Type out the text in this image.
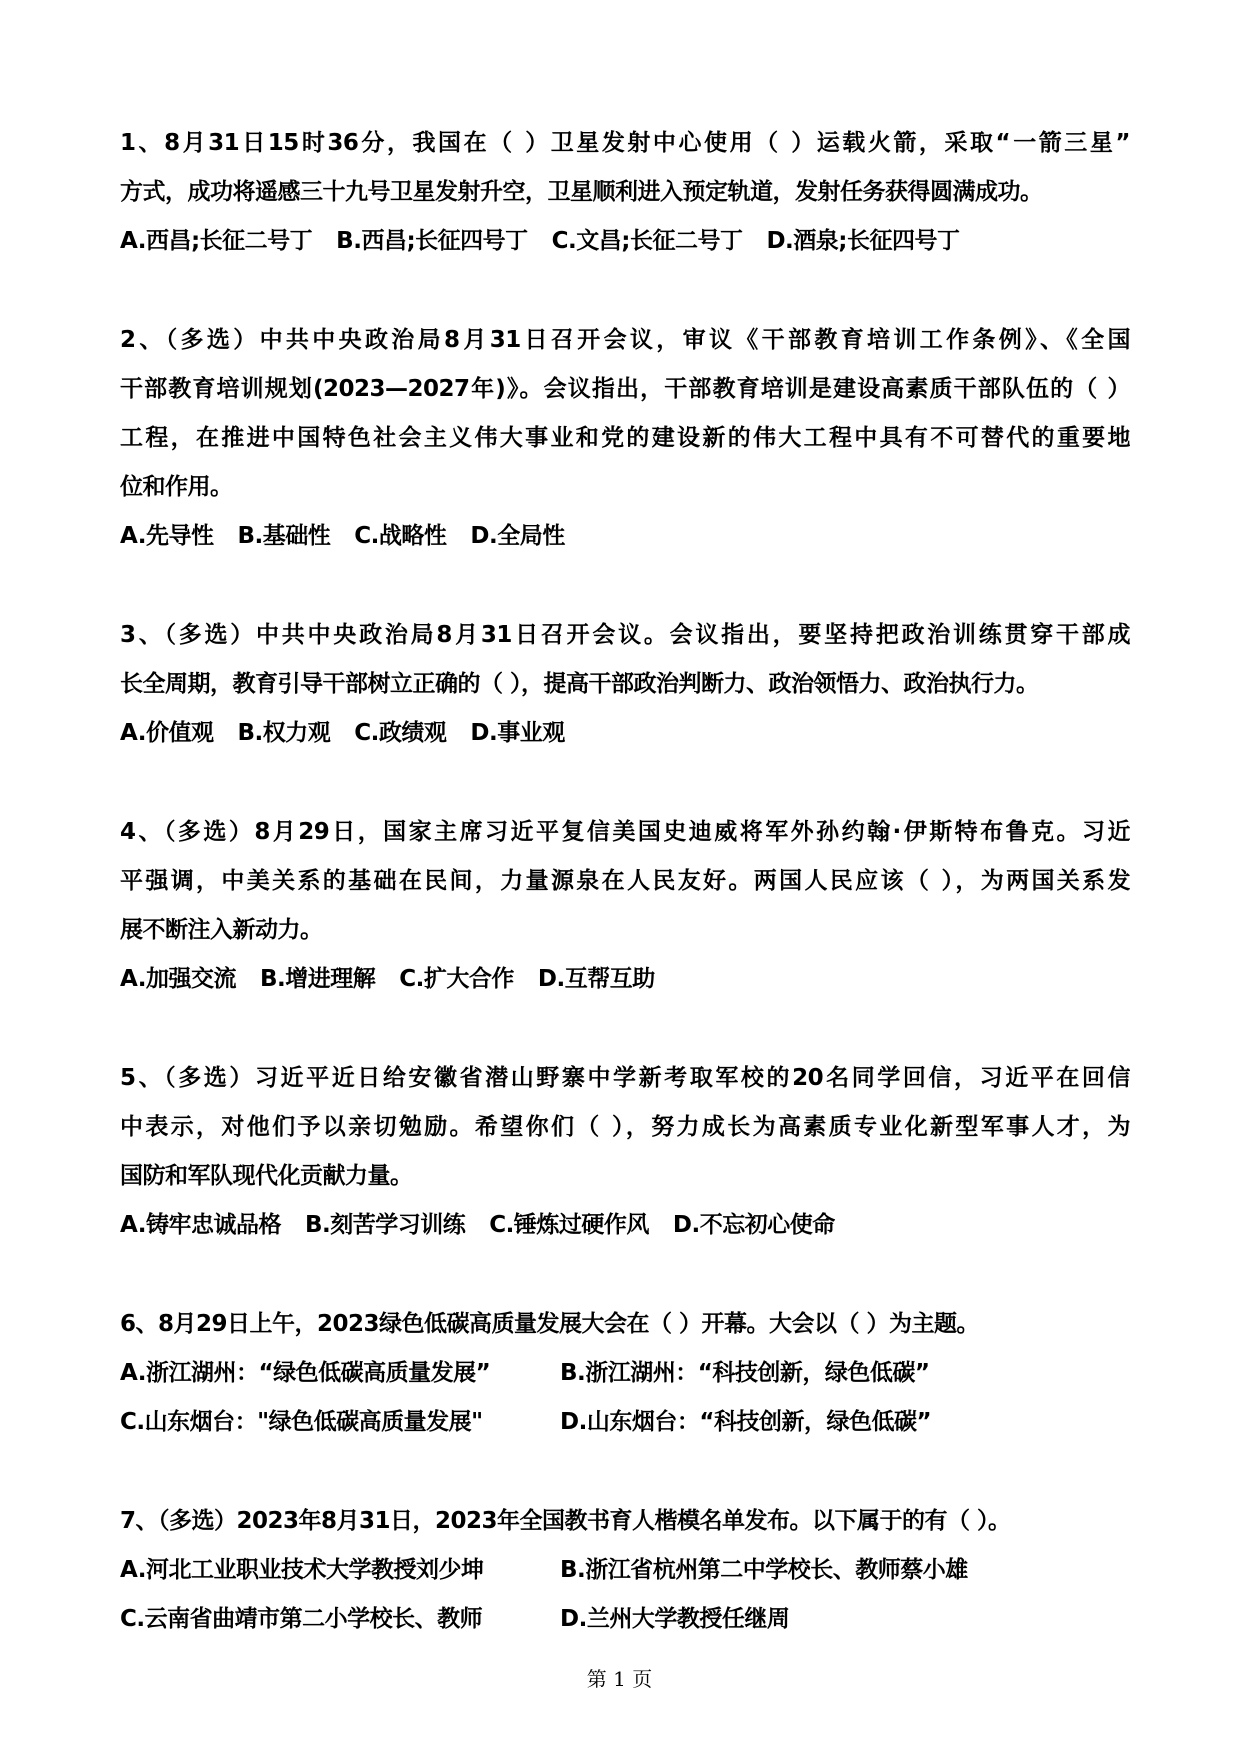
1、8月31日15时36分，我国在（ ）卫星发射中心使用（ ）运载火箭，采取“一箭三星”
方式，成功将遥感三十九号卫星发射升空，卫星顺利进入预定轨道，发射任务获得圆满成功。
A.西昌;长征二号丁 B.西昌;长征四号丁 C.文昌;长征二号丁 D.酒泉;长征四号丁
2、（多选）中共中央政治局8月31日召开会议，审议《干部教育培训工作条例》、《全国
干部教育培训规划(2023—2027年)》。会议指出，干部教育培训是建设高素质干部队伍的（ ）
工程，在推进中国特色社会主义伟大事业和党的建设新的伟大工程中具有不可替代的重要地
位和作用。
A.先导性 B.基础性 C.战略性 D.全局性
3、（多选）中共中央政治局8月31日召开会议。会议指出，要坚持把政治训练贯穿干部成
长全周期，教育引导干部树立正确的（ ），提高干部政治判断力、政治领悟力、政治执行力。
A.价值观 B.权力观 C.政绩观 D.事业观
4、（多选）8月29日，国家主席习近平复信美国史迪威将军外孙约翰·伊斯特布鲁克。习近
平强调，中美关系的基础在民间，力量源泉在人民友好。两国人民应该（ ），为两国关系发
展不断注入新动力。
A.加强交流 B.增进理解 C.扩大合作 D.互帮互助
5、（多选）习近平近日给安徽省潜山野寨中学新考取军校的20名同学回信，习近平在回信
中表示，对他们予以亲切勉励。希望你们（ ），努力成长为高素质专业化新型军事人才，为
国防和军队现代化贡献力量。
A.铸牢忠诚品格 B.刻苦学习训练 C.锤炼过硬作风 D.不忘初心使命
6、8月29日上午，2023绿色低碳高质量发展大会在（ ）开幕。大会以（ ）为主题。
A.浙江湖州：“绿色低碳高质量发展”	B.浙江湖州：“科技创新，绿色低碳”
C.山东烟台："绿色低碳高质量发展"	D.山东烟台：“科技创新，绿色低碳”
7、（多选）2023年8月31日，2023年全国教书育人楷模名单发布。以下属于的有（ ）。
A.河北工业职业技术大学教授刘少坤	B.浙江省杭州第二中学校长、教师蔡小雄
C.云南省曲靖市第二小学校长、教师	D.兰州大学教授任继周
第 1 页
